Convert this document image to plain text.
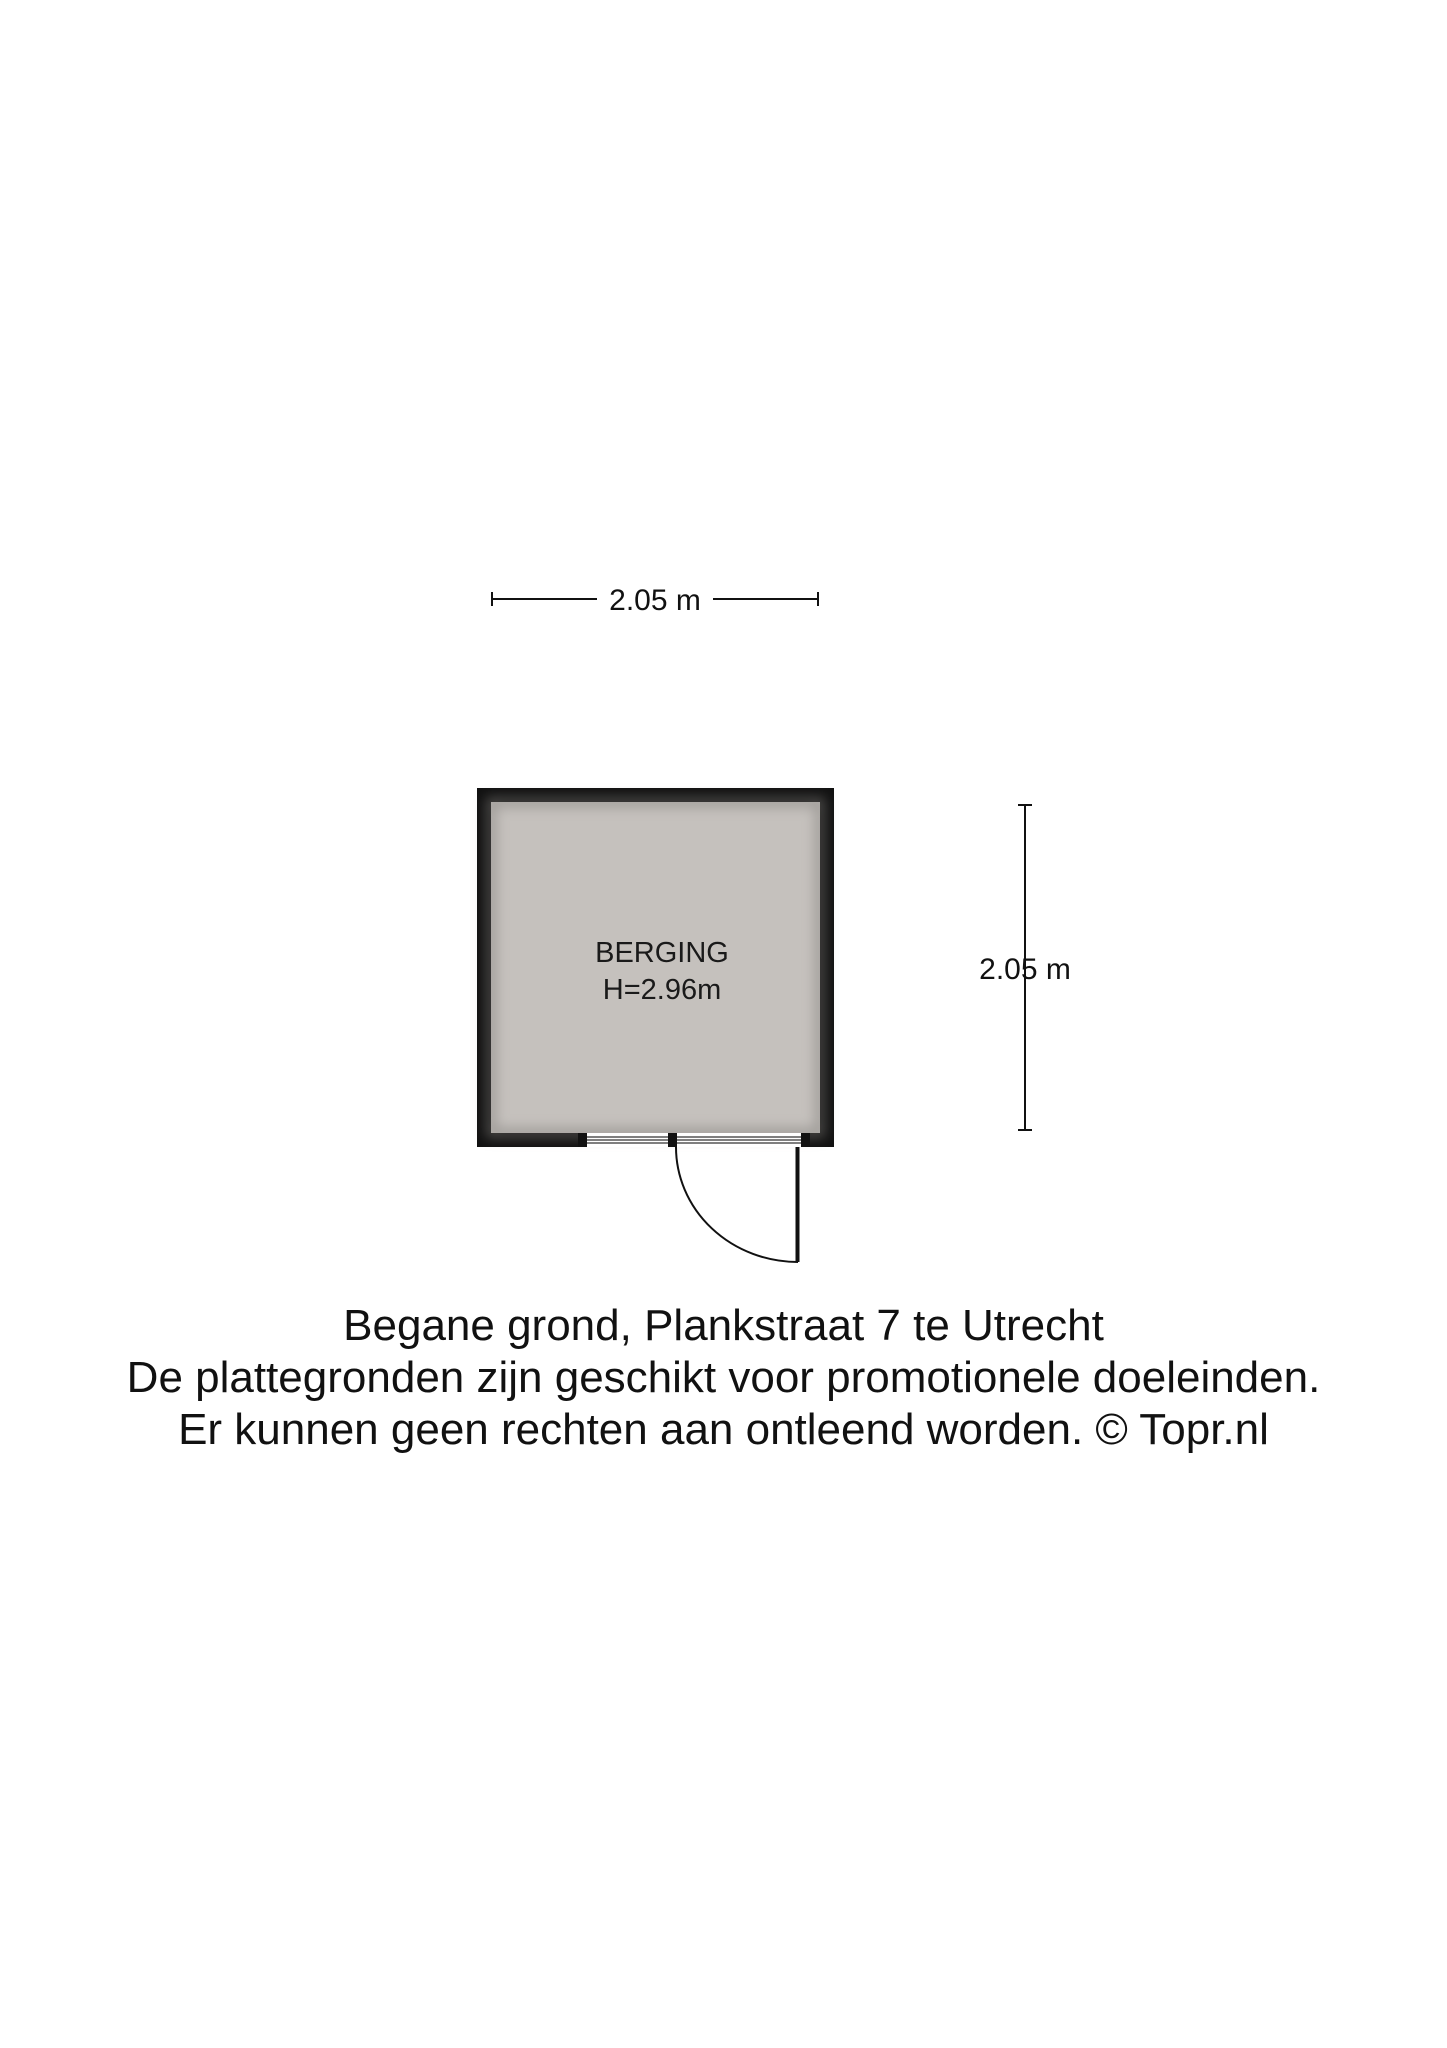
2.05 m
2.05 m
BERGING
H=2.96m
Begane grond, Plankstraat 7 te Utrecht
De plattegronden zijn geschikt voor promotionele doeleinden.
Er kunnen geen rechten aan ontleend worden. © Topr.nl
